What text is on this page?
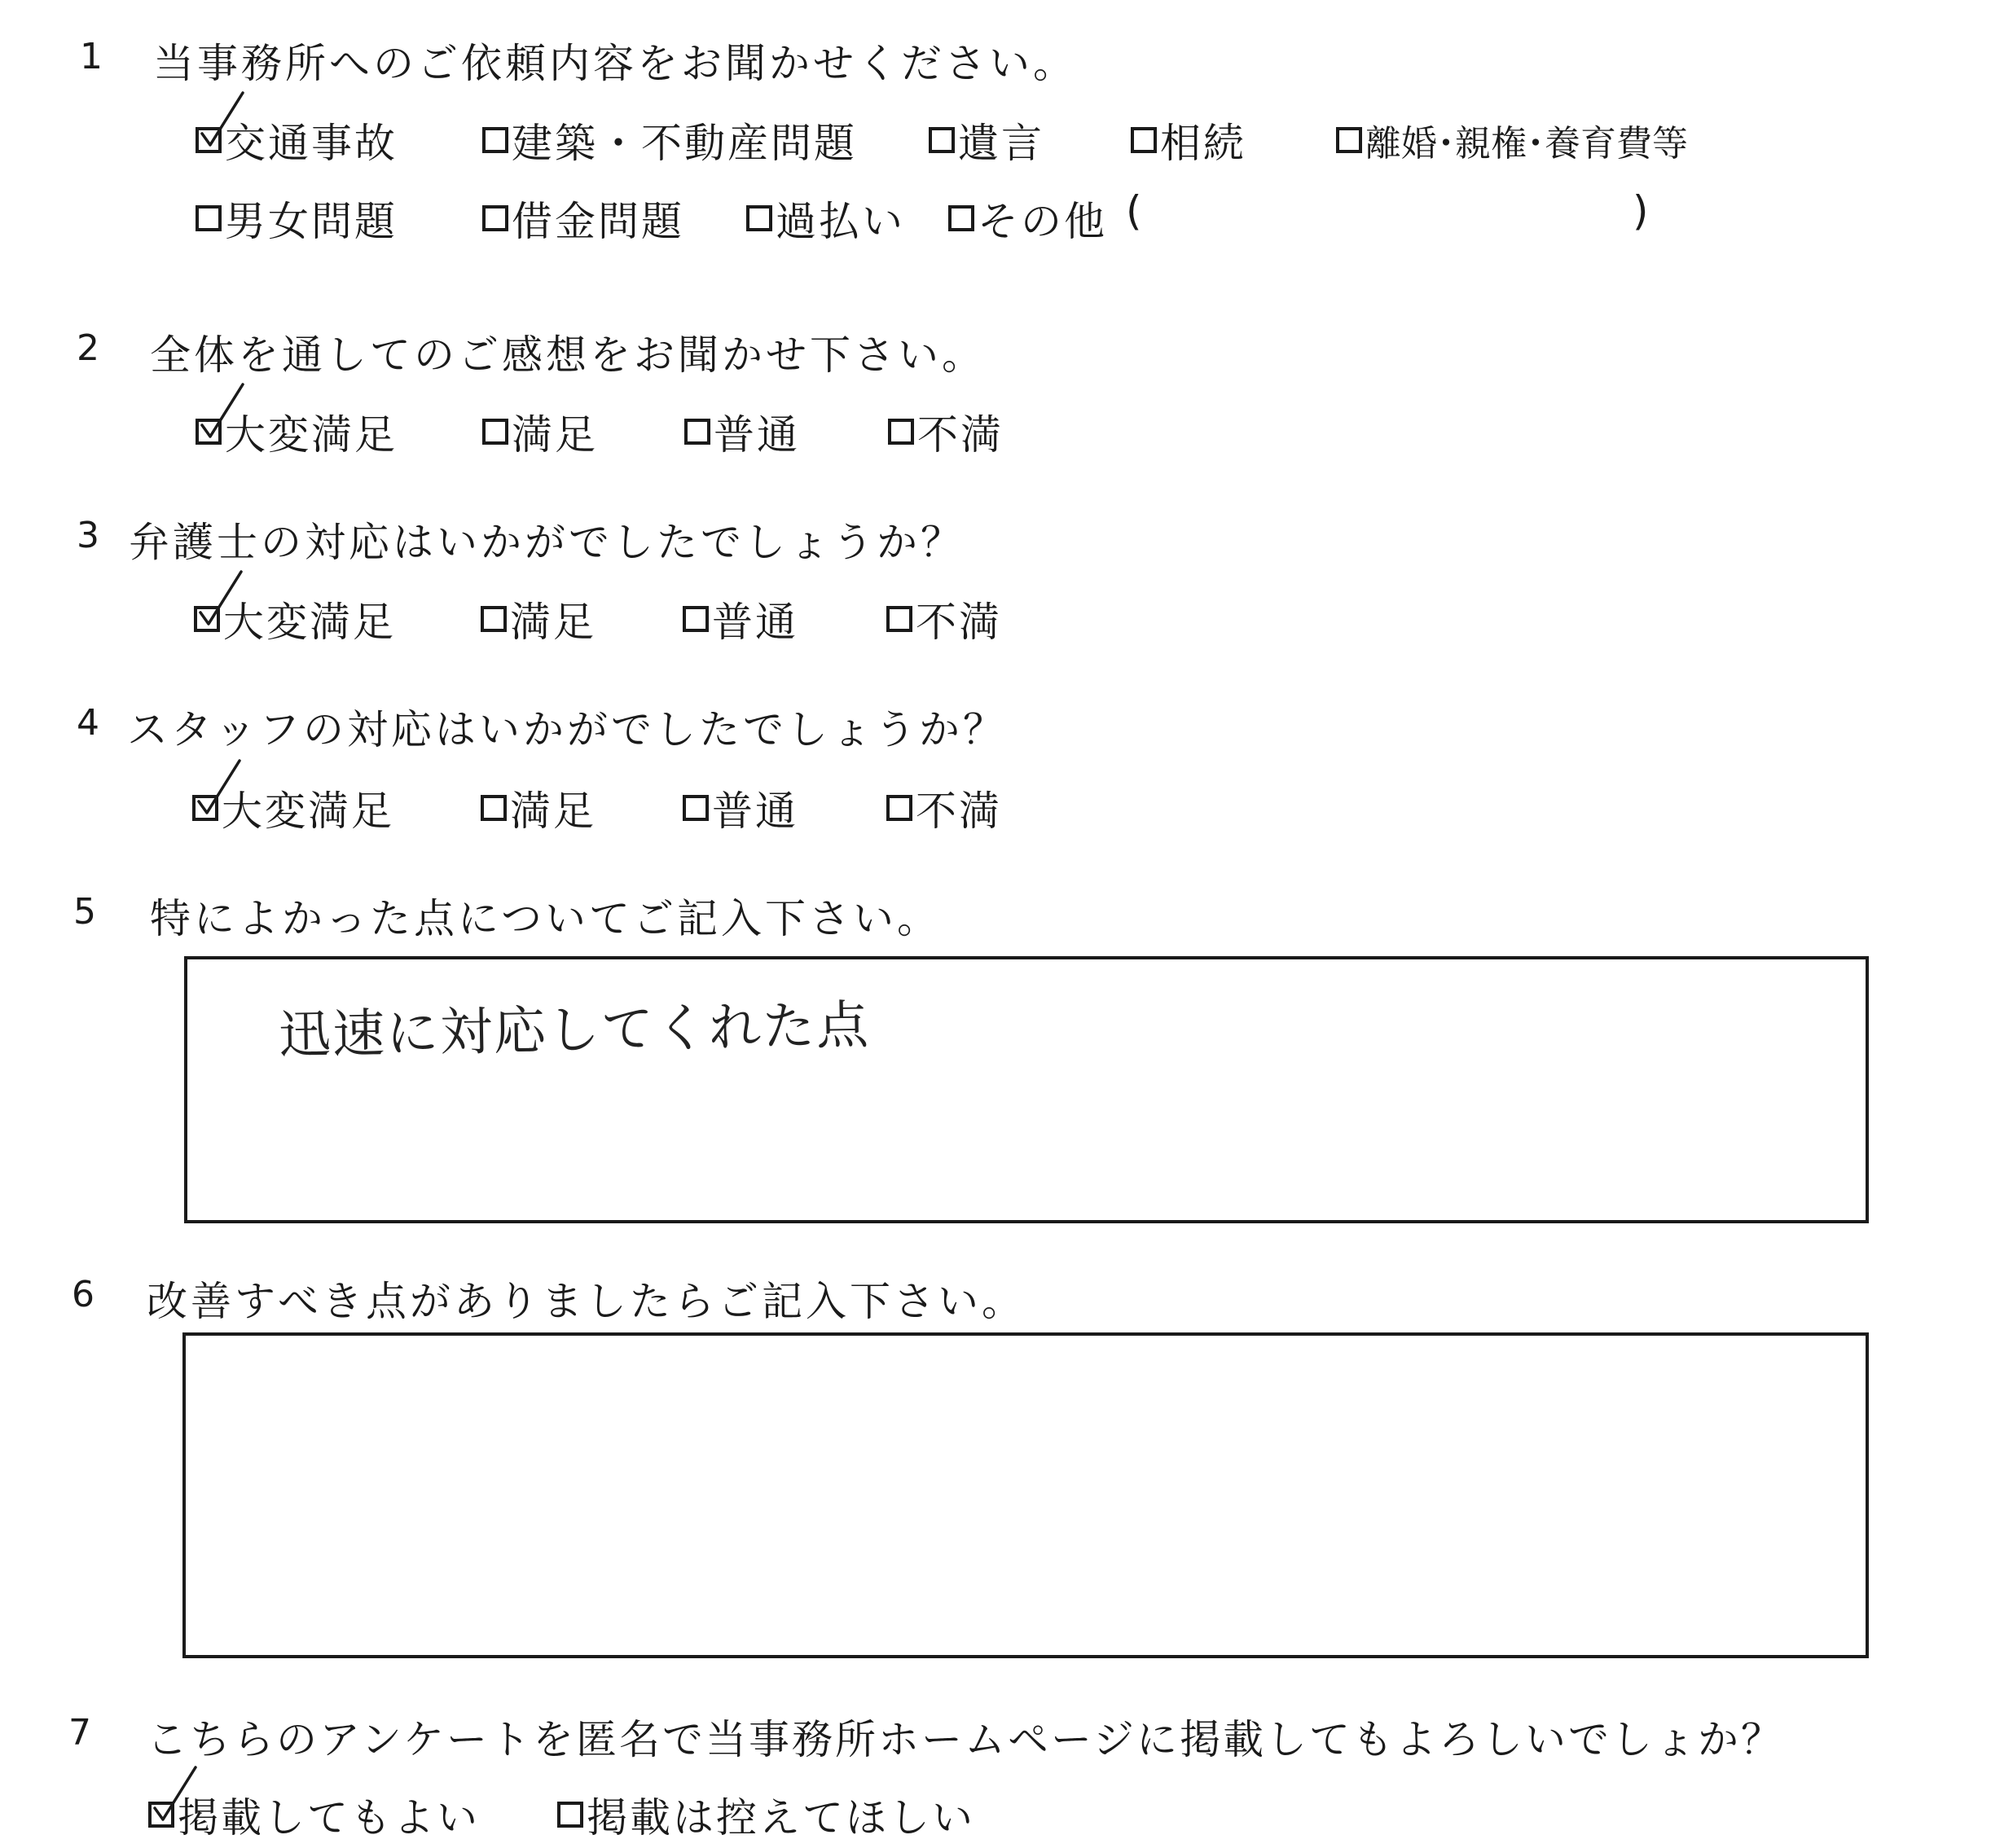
1 当事務所へのご依頼内容をお聞かせください。
交通事故	建築・不動産問題 遺言	相続	離婚･親権･養育費等
男女問題	借金問題 過払い その他 (	)
2 全体を通してのご感想をお聞かせ下さい。
大変満足	満足	普通	不満
3 弁護士の対応はいかがでしたでしょうか？
大変満足	満足	普通	不満
4 スタッフの対応はいかがでしたでしょうか？
大変満足	満足	普通	不満
5 特によかった点についてご記入下さい。
迅速に対応してくれた点
6 改善すべき点がありましたらご記入下さい。
7 こちらのアンケートを匿名で当事務所ホームページに掲載してもよろしいでしょか？
掲載してもよい	掲載は控えてほしい
